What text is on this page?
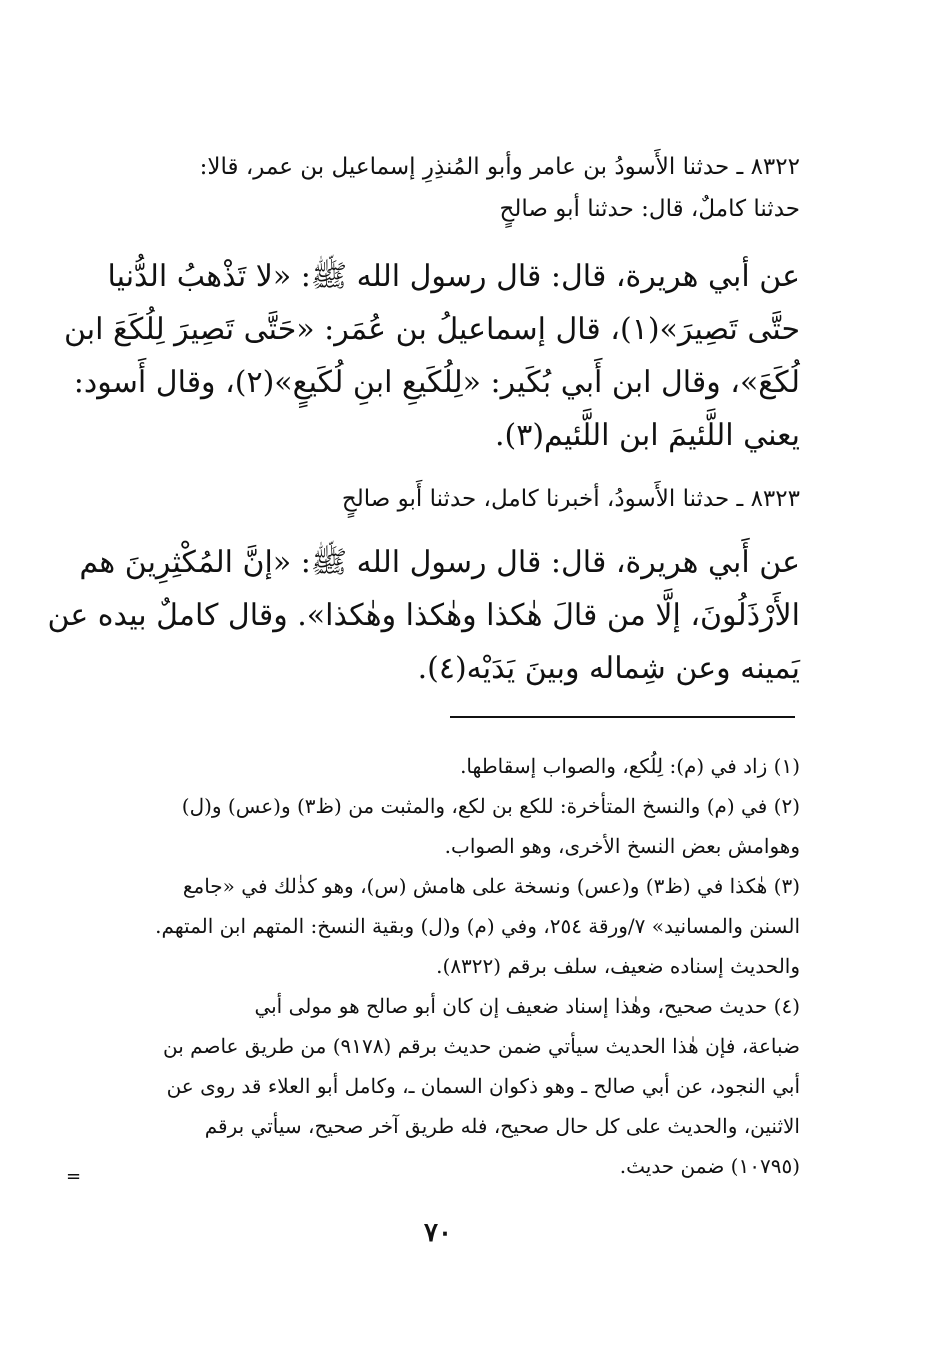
٨٣٢٢ ـ حدثنا الأَسودُ بن عامر وأبو المُنذِرِ إسماعيل بن عمر، قالا:
حدثنا كاملٌ، قال: حدثنا أبو صالحٍ
عن أبي هريرة، قال: قال رسول الله ﷺ: «لا تَذْهبُ الدُّنيا
حتَّى تَصِيرَ»(١)، قال إسماعيلُ بن عُمَر: «حَتَّى تَصِيرَ لِلُكَعَ ابن
لُكَعَ»، وقال ابن أَبي بُكَير: «لِلُكَيعِ ابنِ لُكَيعٍ»(٢)، وقال أَسود:
يعني اللَّئيمَ ابن اللَّئيم(٣).
٨٣٢٣ ـ حدثنا الأَسودُ، أخبرنا كامل، حدثنا أَبو صالحٍ
عن أَبي هريرة، قال: قال رسول الله ﷺ: «إنَّ المُكْثِرِينَ هم
الأَرْذَلُونَ، إلَّا من قالَ هٰكذا وهٰكذا وهٰكذا». وقال كاملٌ بيده عن
يَمينه وعن شِماله وبينَ يَدَيْه(٤).
(١) زاد في (م): لِلُكع، والصواب إسقاطها.
(٢) في (م) والنسخ المتأخرة: للكع بن لكع، والمثبت من (ظ٣) و(عس) و(ل)
وهوامش بعض النسخ الأخرى، وهو الصواب.
(٣) هٰكذا في (ظ٣) و(عس) ونسخة على هامش (س)، وهو كذٰلك في «جامع
السنن والمسانيد» ٧/ورقة ٢٥٤، وفي (م) و(ل) وبقية النسخ: المتهم ابن المتهم.
والحديث إسناده ضعيف، سلف برقم (٨٣٢٢).
(٤) حديث صحيح، وهٰذا إسناد ضعيف إن كان أبو صالح هو مولى أبي
ضباعة، فإن هٰذا الحديث سيأتي ضمن حديث برقم (٩١٧٨) من طريق عاصم بن
أبي النجود، عن أبي صالح ـ وهو ذكوان السمان ـ، وكامل أبو العلاء قد روى عن
الاثنين، والحديث على كل حال صحيح، فله طريق آخر صحيح، سيأتي برقم
(١٠٧٩٥) ضمن حديث.
=
٧٠
